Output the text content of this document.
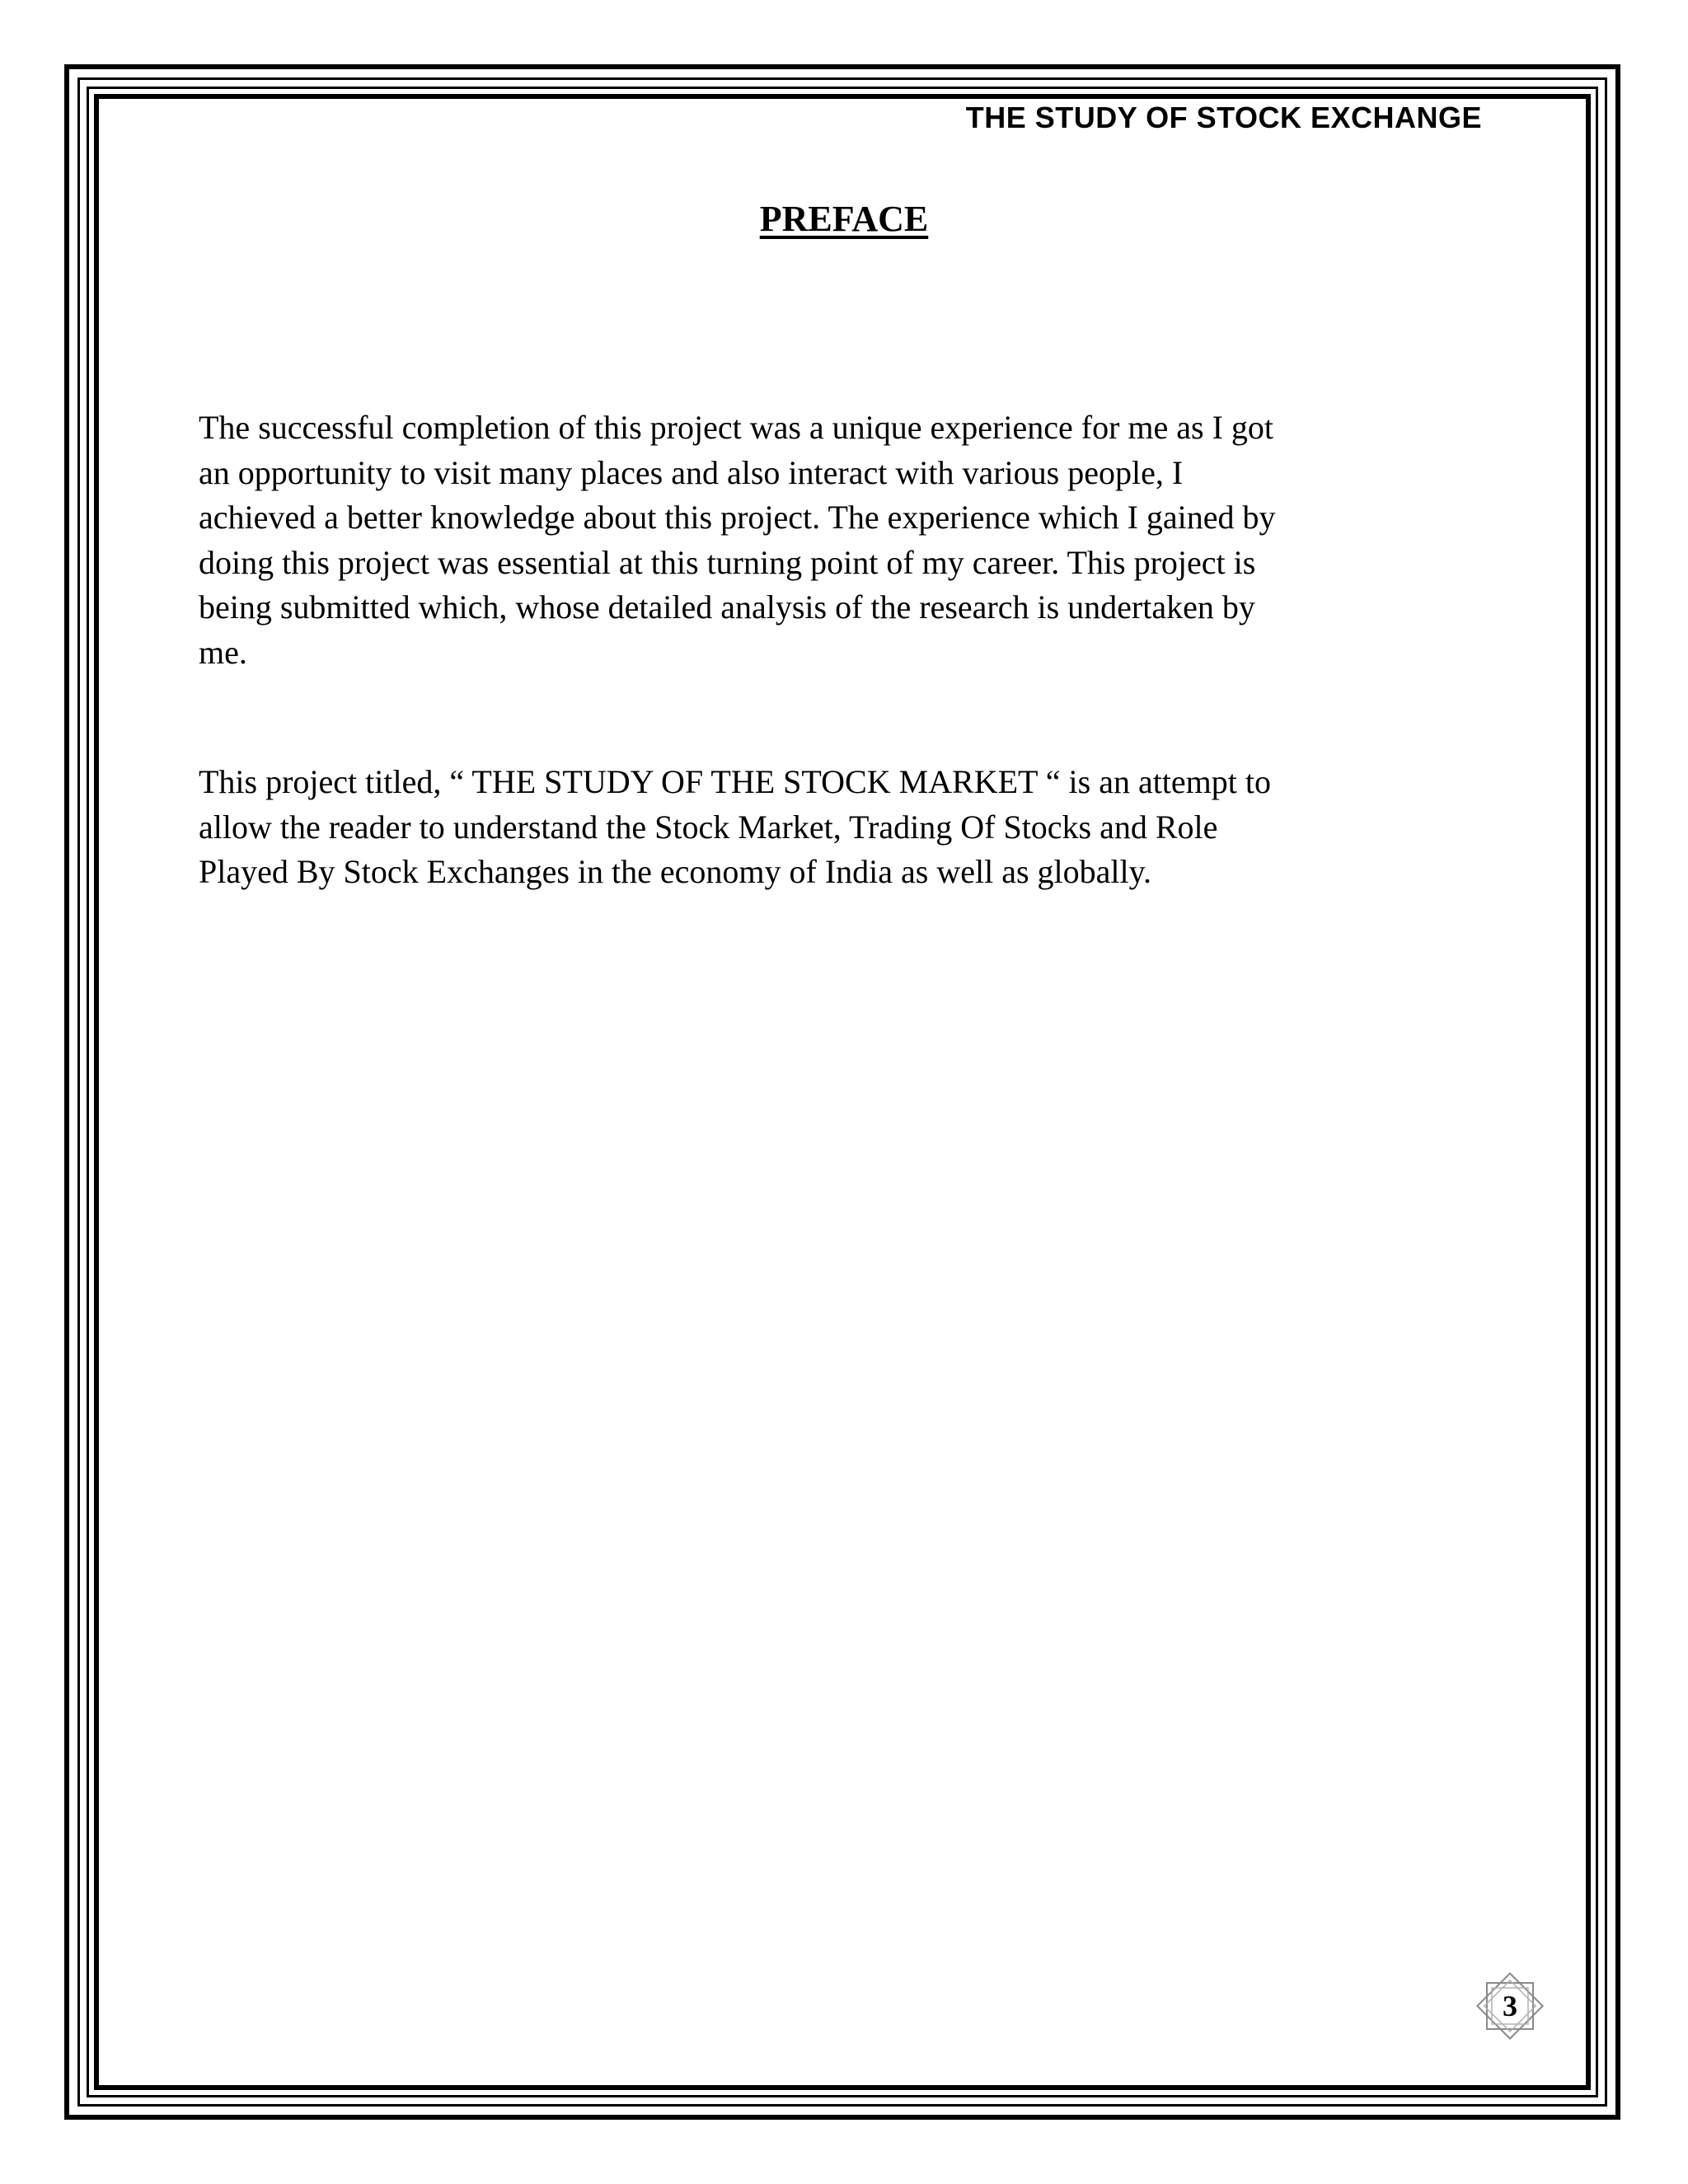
THE STUDY OF STOCK EXCHANGE
PREFACE

The successful completion of this project was a unique experience for me as I got
an opportunity to visit many places and also interact with various people, I
achieved a better knowledge about this project. The experience which I gained by
doing this project was essential at this turning point of my career. This project is
being submitted which, whose detailed analysis of the research is undertaken by
me.

This project titled, “ THE STUDY OF THE STOCK MARKET “ is an attempt to
allow the reader to understand the Stock Market, Trading Of Stocks and Role
Played By Stock Exchanges in the economy of India as well as globally.

3
